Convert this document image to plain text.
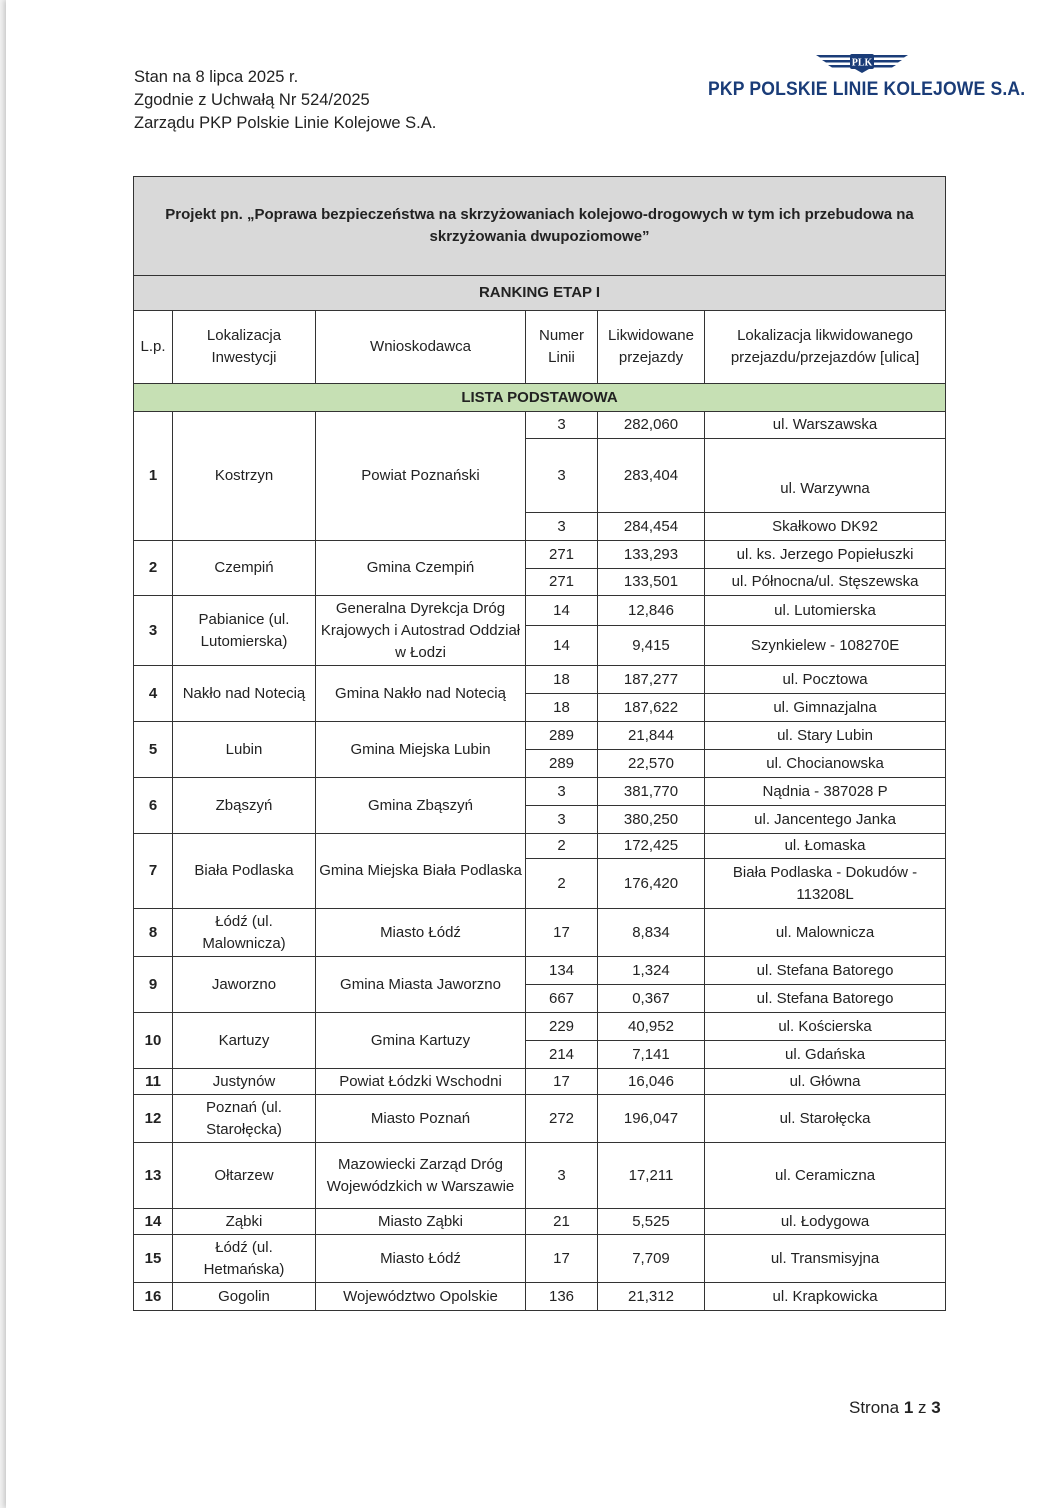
Stan na 8 lipca 2025 r.
Zgodnie z Uchwałą Nr 524/2025
Zarządu PKP Polskie Linie Kolejowe S.A.
PLK
PKP POLSKIE LINIE KOLEJOWE S.A.
Projekt pn. „Poprawa bezpieczeństwa na skrzyżowaniach kolejowo-drogowych w tym ich przebudowa na skrzyżowania dwupoziomowe”					
RANKING ETAP I					
L.p.	Lokalizacja Inwestycji	Wnioskodawca	Numer Linii	Likwidowane przejazdy	Lokalizacja likwidowanego przejazdu/przejazdów [ulica]
LISTA PODSTAWOWA					
1	Kostrzyn	Powiat Poznański	3	282,060	ul. Warszawska
			3	283,404	ul. Warzywna
			3	284,454	Skałkowo DK92
2	Czempiń	Gmina Czempiń	271	133,293	ul. ks. Jerzego Popiełuszki
			271	133,501	ul. Północna/ul. Stęszewska
3	Pabianice (ul. Lutomierska)	Generalna Dyrekcja Dróg Krajowych i Autostrad Oddział w Łodzi	14	12,846	ul. Lutomierska
			14	9,415	Szynkielew - 108270E
4	Nakło nad Notecią	Gmina Nakło nad Notecią	18	187,277	ul. Pocztowa
			18	187,622	ul. Gimnazjalna
5	Lubin	Gmina Miejska Lubin	289	21,844	ul. Stary Lubin
			289	22,570	ul. Chocianowska
6	Zbąszyń	Gmina Zbąszyń	3	381,770	Nądnia - 387028 P
			3	380,250	ul. Jancentego Janka
7	Biała Podlaska	Gmina Miejska Biała Podlaska	2	172,425	ul. Łomaska
			2	176,420	Biała Podlaska - Dokudów - 113208L
8	Łódź (ul. Malownicza)	Miasto Łódź	17	8,834	ul. Malownicza
9	Jaworzno	Gmina Miasta Jaworzno	134	1,324	ul. Stefana Batorego
			667	0,367	ul. Stefana Batorego
10	Kartuzy	Gmina Kartuzy	229	40,952	ul. Kościerska
			214	7,141	ul. Gdańska
11	Justynów	Powiat Łódzki Wschodni	17	16,046	ul. Główna
12	Poznań (ul. Starołęcka)	Miasto Poznań	272	196,047	ul. Starołęcka
13	Ołtarzew	Mazowiecki Zarząd Dróg Wojewódzkich w Warszawie	3	17,211	ul. Ceramiczna
14	Ząbki	Miasto Ząbki	21	5,525	ul. Łodygowa
15	Łódź (ul. Hetmańska)	Miasto Łódź	17	7,709	ul. Transmisyjna
16	Gogolin	Województwo Opolskie	136	21,312	ul. Krapkowicka
Strona 1 z 3
